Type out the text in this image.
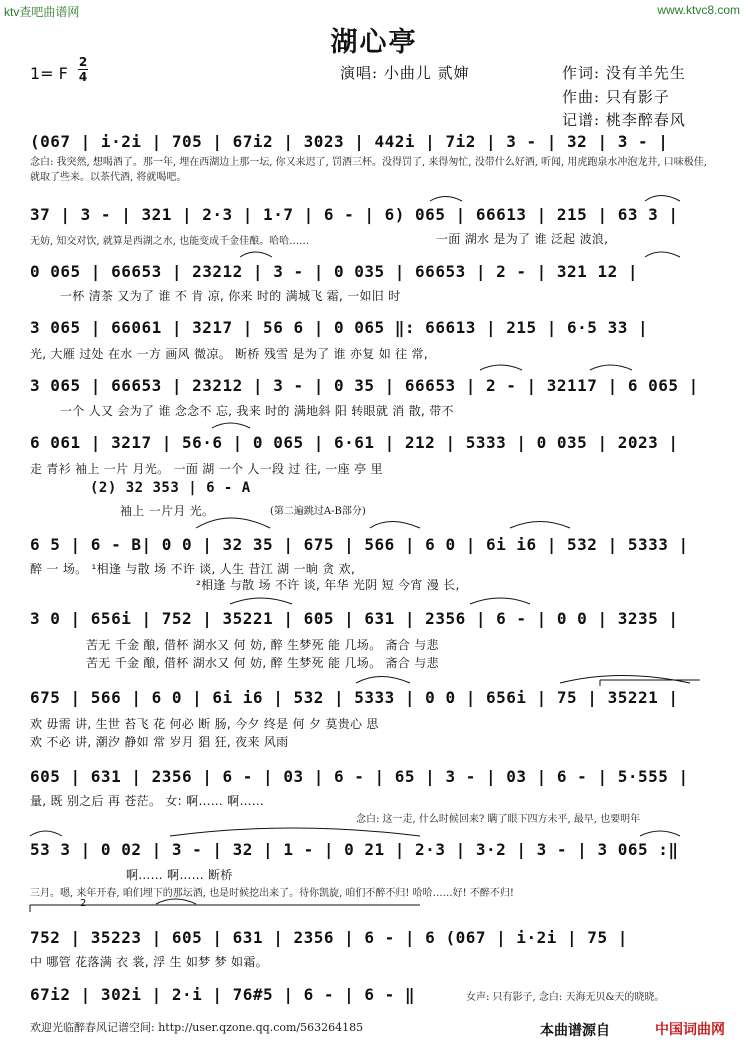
ktv查吧曲谱网	www.ktvc8.com
湖心亭
1= F
2
4	演唱: 小曲儿 贰婶	作词: 没有羊先生
作曲: 只有影子
记谱: 桃李醉春风
(067 | i·2i | 705 | 67i2 | 3023 | 442i | 7i2 | 3 - | 32 | 3 - |
念白: 我突然, 想喝酒了。那一年, 埋在西湖边上那一坛, 你又来迟了, 罚酒三杯。没得罚了, 来得匆忙, 没带什么好酒, 听闻, 用虎跑泉水冲泡龙井, 口味极佳, 就取了些来。以茶代酒, 将就喝吧。
37 | 3 - | 321 | 2·3 | 1·7 | 6 - | 6) 065 | 66613 | 215 | 63 3 |
无妨, 知交对饮, 就算是西湖之水, 也能变成千金佳酿。哈哈……	一面 湖水 是为了 谁 泛起 波浪,
0 065 | 66653 | 23212 | 3 - | 0 035 | 66653 | 2 - | 321 12 |
一杯 清茶 又为了 谁 不 肯 凉, 你来 时的 满城飞 霜, 一如旧 时
3 065 | 66061 | 3217 | 56 6 | 0 065 ‖: 66613 | 215 | 6·5 33 |
光, 大雁 过处 在水 一方 画风 微凉。 断桥 残雪 是为了 谁 亦复 如 往 常,
3 065 | 66653 | 23212 | 3 - | 0 35 | 66653 | 2 - | 32117 | 6 065 |
一个 人又 会为了 谁 念念不 忘, 我来 时的 满地斜 阳 转眼就 消 散, 带不
6 061 | 3217 | 56·6 | 0 065 | 6·61 | 212 | 5333 | 0 035 | 2023 |
走 青衫 袖上 一片 月光。 一面 湖 一个 人一段 过 往, 一座 亭 里
(2) 32 353 | 6 - A
袖上 一片月 光。	(第二遍跳过A-B部分)
6 5 | 6 - B| 0 0 | 32 35 | 675 | 566 | 6 0 | 6i i6 | 532 | 5333 |
醉 一 场。 ¹相逢 与散 场 不许 谈, 人生 昔江 湖 一晌 贪 欢,
²相逢 与散 场 不许 谈, 年华 光阴 短 今宵 漫 长,
3 0 | 656i | 752 | 35221 | 605 | 631 | 2356 | 6 - | 0 0 | 3235 |
苦无 千金 酿, 借杯 湖水又 何 妨, 醉 生梦死 能 几场。 斋合 与悲
苦无 千金 酿, 借杯 湖水又 何 妨, 醉 生梦死 能 几场。 斋合 与悲
675 | 566 | 6 0 | 6i i6 | 532 | 5333 | 0 0 | 656i | 75 | 35221 |
欢 毋需 讲, 生世 苔飞 花 何必 断 肠, 今夕 终是 何 夕 莫贵心 思
欢 不必 讲, 潮汐 静如 常 岁月 猖 狂, 夜来 风雨
605 | 631 | 2356 | 6 - | 03 | 6 - | 65 | 3 - | 03 | 6 - | 5·555 |
量, 既 别之后 再 苍茫。 女: 啊…… 啊……
念白: 这一走, 什么时候回来? 瞒了眼下四方未平, 最早, 也要明年
53 3 | 0 02 | 3 - | 32 | 1 - | 0 21 | 2·3 | 3·2 | 3 - | 3 065 :‖
啊…… 啊…… 断桥
三月。嗯, 来年开春, 咱们埋下的那坛酒, 也是时候挖出来了。待你凯旋, 咱们不醉不归! 哈哈……好! 不醉不归!
752 | 35223 | 605 | 631 | 2356 | 6 - | 6 (067 | i·2i | 75 |
中 哪管 花落满 衣 裳, 浮 生 如梦 梦 如霜。
67i2 | 302i | 2·i | 76#5 | 6 - | 6 - ‖	女声: 只有影子, 念白: 天海无贝&天的晓晓。
2
欢迎光临醉春风记谱空间: http://user.qzone.qq.com/563264185	本曲谱源自	中国词曲网
